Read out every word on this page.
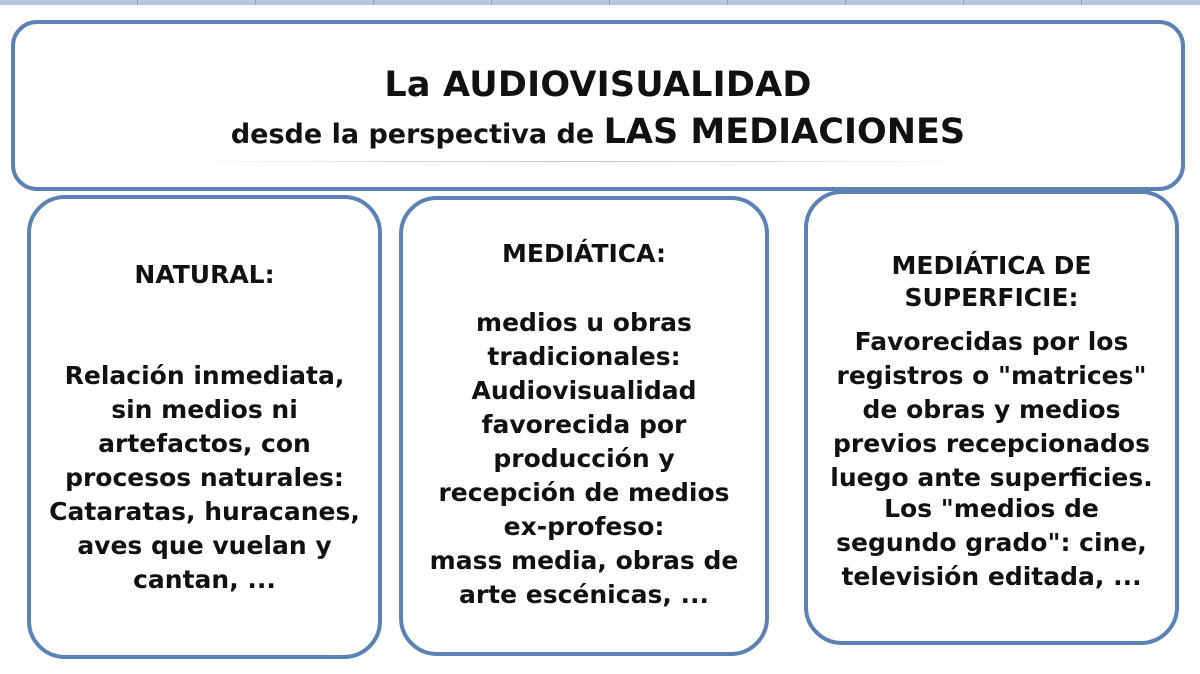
La AUDIOVISUALIDAD
desde la perspectiva de LAS MEDIACIONES
NATURAL:
Relación inmediata,
sin medios ni
artefactos, con
procesos naturales:
Cataratas, huracanes,
aves que vuelan y
cantan, ...
MEDIÁTICA:
medios u obras
tradicionales:
Audiovisualidad
favorecida por
producción y
recepción de medios
ex-profeso:
mass media, obras de
arte escénicas, ...
MEDIÁTICA DE
SUPERFICIE:
Favorecidas por los
registros o "matrices"
de obras y medios
previos recepcionados
luego ante superficies.
Los "medios de
segundo grado": cine,
televisión editada, ...
